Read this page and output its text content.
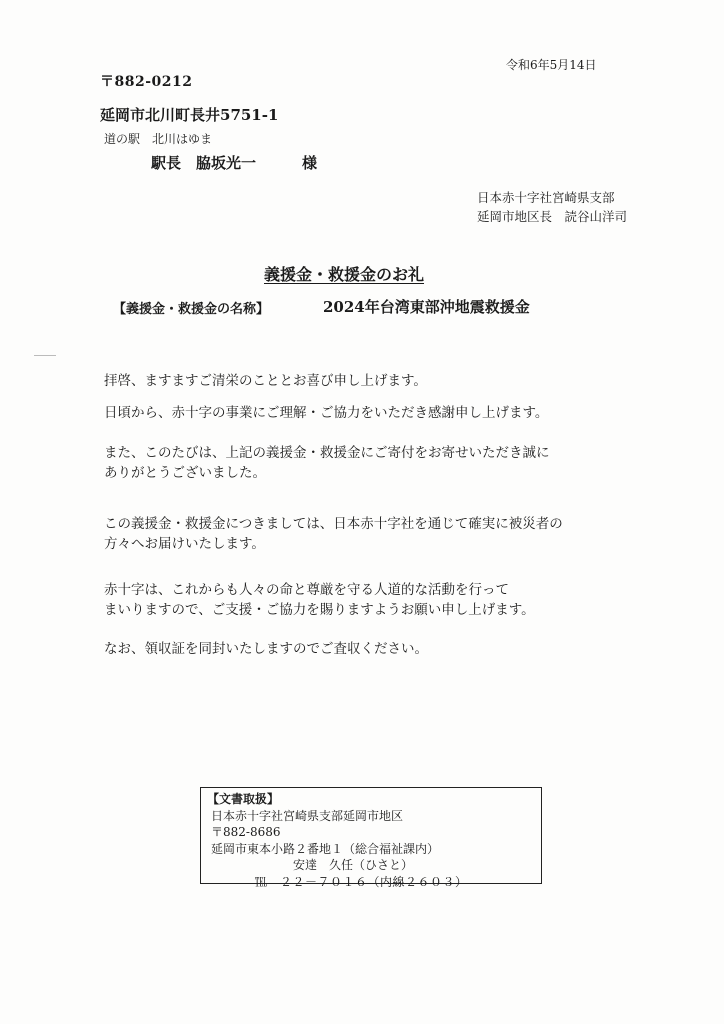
令和6年5月14日
〒882-0212
延岡市北川町長井5751-1
道の駅　北川はゆま
駅長　脇坂光一	様
日本赤十字社宮崎県支部
延岡市地区長　読谷山洋司
義援金・救援金のお礼
【義援金・救援金の名称】	2024年台湾東部沖地震救援金
拝啓、ますますご清栄のこととお喜び申し上げます。
日頃から、赤十字の事業にご理解・ご協力をいただき感謝申し上げます。
また、このたびは、上記の義援金・救援金にご寄付をお寄せいただき誠に
ありがとうございました。
この義援金・救援金につきましては、日本赤十字社を通じて確実に被災者の
方々へお届けいたします。
赤十字は、これからも人々の命と尊厳を守る人道的な活動を行って
まいりますので、ご支援・ご協力を賜りますようお願い申し上げます。
なお、領収証を同封いたしますのでご査収ください。
【文書取扱】
日本赤十字社宮崎県支部延岡市地区
〒882-8686
延岡市東本小路２番地１（総合福祉課内）
安達　久任（ひさと）
℡　２２－７０１６（内線２６０３）
